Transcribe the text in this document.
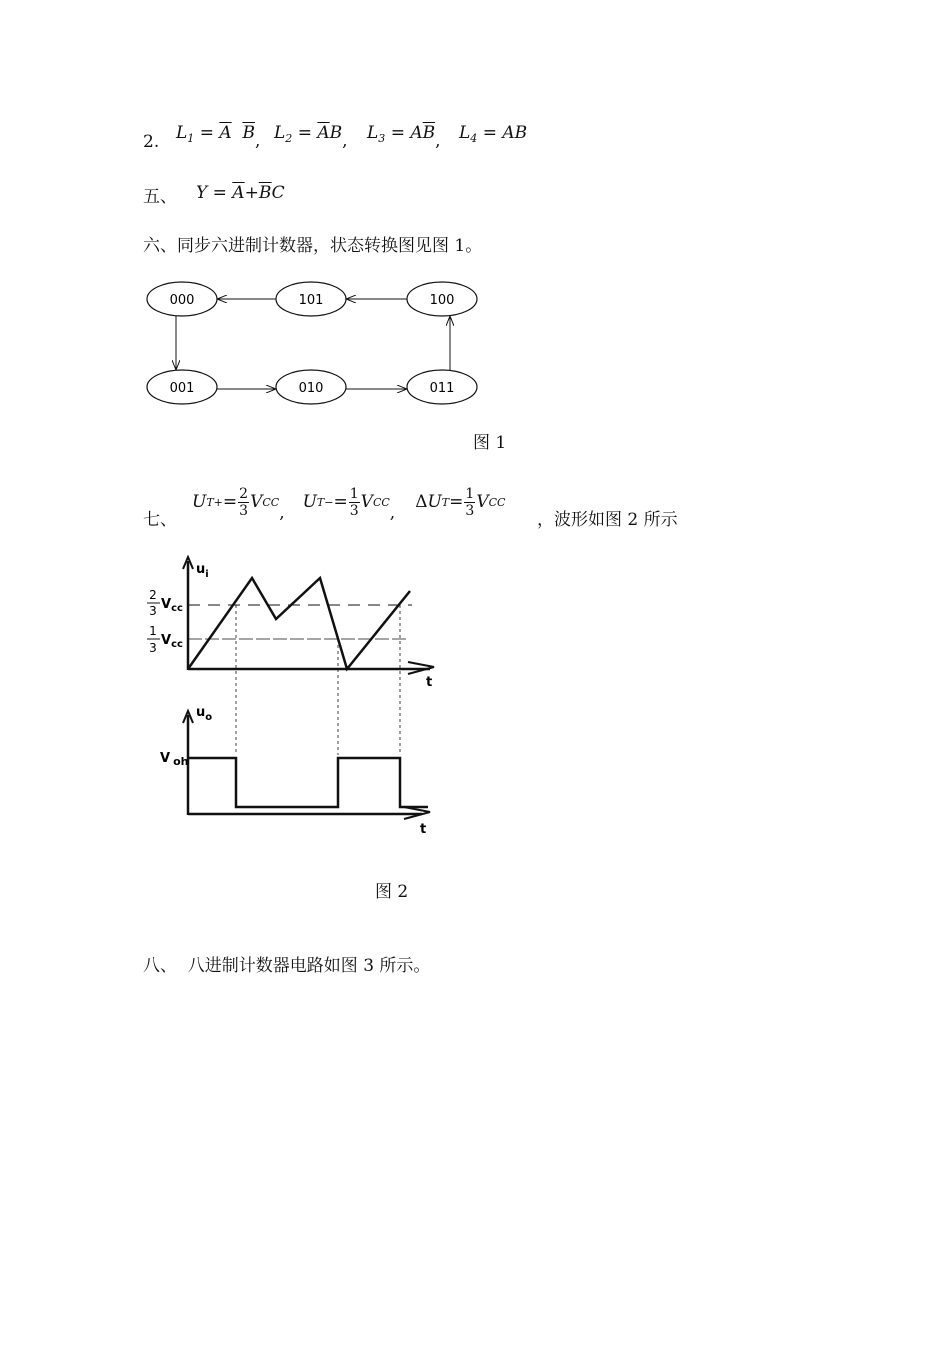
2. $L_1 = \overline{A}$ $\overline{B}$, $L_2 = \overline{A}B$, $L_3 = A\overline{B}$, $L_4$ = AB
五、 $Y = \overline{A}+\overline{B}C$
六、同步六进制计数器，状态转换图见图 1。
000	101	100
001	010	011
图 1
七、
U $T+ = \frac{2}{3}$ V CC
,
U $T- = \frac{1}{3}$ V CC
,
Δ U $T = \frac{1}{3}$ V CC
，波形如图 2 所示
$u_i$
t
2
3 $V_{cc}$
1
3 $V_{cc}$
$u_o$
t
V $_{oh}$
图 2
八、  八进制计数器电路如图 3 所示。
